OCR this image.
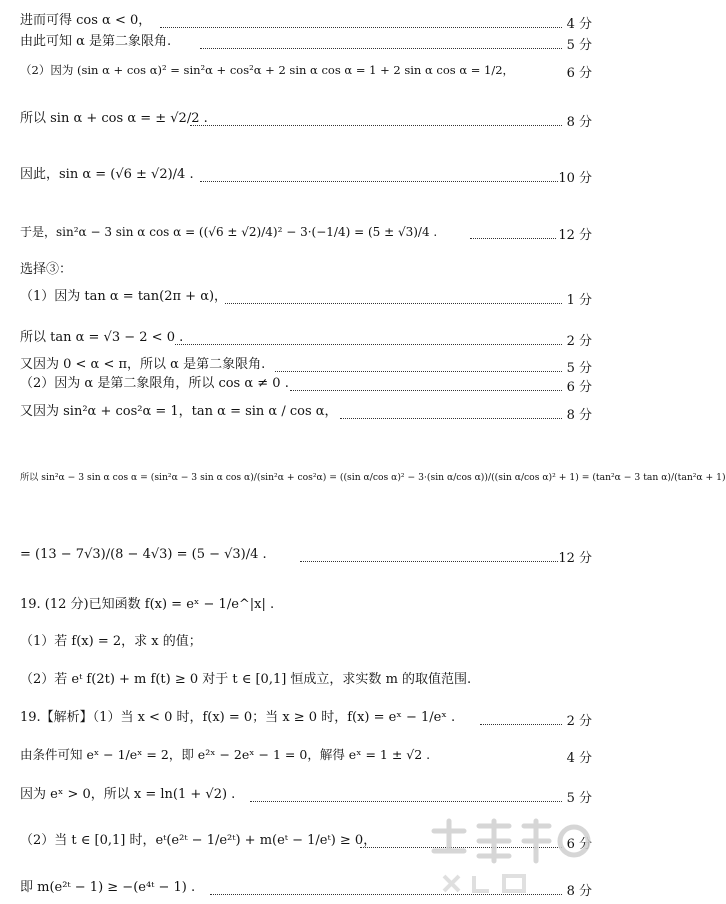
进而可得 cos α < 0，	4 分
由此可知 α 是第二象限角.	5 分
（2）因为 (sin α + cos α)² = sin²α + cos²α + 2 sin α cos α = 1 + 2 sin α cos α = 1/2，	6 分
所以 sin α + cos α = ± √2/2 .	8 分
因此，sin α = (√6 ± √2)/4 .	10 分
于是，sin²α − 3 sin α cos α = ((√6 ± √2)/4)² − 3·(−1/4) = (5 ± √3)/4 .	12 分
选择③：
（1）因为 tan α = tan(2π + α)，	1 分
所以 tan α = √3 − 2 < 0 .	2 分
又因为 0 < α < π，所以 α 是第二象限角.	5 分
（2）因为 α 是第二象限角，所以 cos α ≠ 0 .	6 分
又因为 sin²α + cos²α = 1，tan α = sin α / cos α，	8 分
所以 sin²α − 3 sin α cos α = (sin²α − 3 sin α cos α)/(sin²α + cos²α) = ((sin α/cos α)² − 3·(sin α/cos α))/((sin α/cos α)² + 1) = (tan²α − 3 tan α)/(tan²α + 1)
= (13 − 7√3)/(8 − 4√3) = (5 − √3)/4 .	12 分
19. (12 分)已知函数 f(x) = eˣ − 1/e^|x| .
（1）若 f(x) = 2，求 x 的值；
（2）若 eᵗ f(2t) + m f(t) ≥ 0 对于 t ∈ [0,1] 恒成立，求实数 m 的取值范围.
19.【解析】（1）当 x < 0 时，f(x) = 0；当 x ≥ 0 时，f(x) = eˣ − 1/eˣ .	2 分
由条件可知 eˣ − 1/eˣ = 2，即 e²ˣ − 2eˣ − 1 = 0，解得 eˣ = 1 ± √2 .	4 分
因为 eˣ > 0，所以 x = ln(1 + √2) .	5 分
（2）当 t ∈ [0,1] 时，eᵗ(e²ᵗ − 1/e²ᵗ) + m(eᵗ − 1/eᵗ) ≥ 0，	6 分
即 m(e²ᵗ − 1) ≥ −(e⁴ᵗ − 1) .	8 分
